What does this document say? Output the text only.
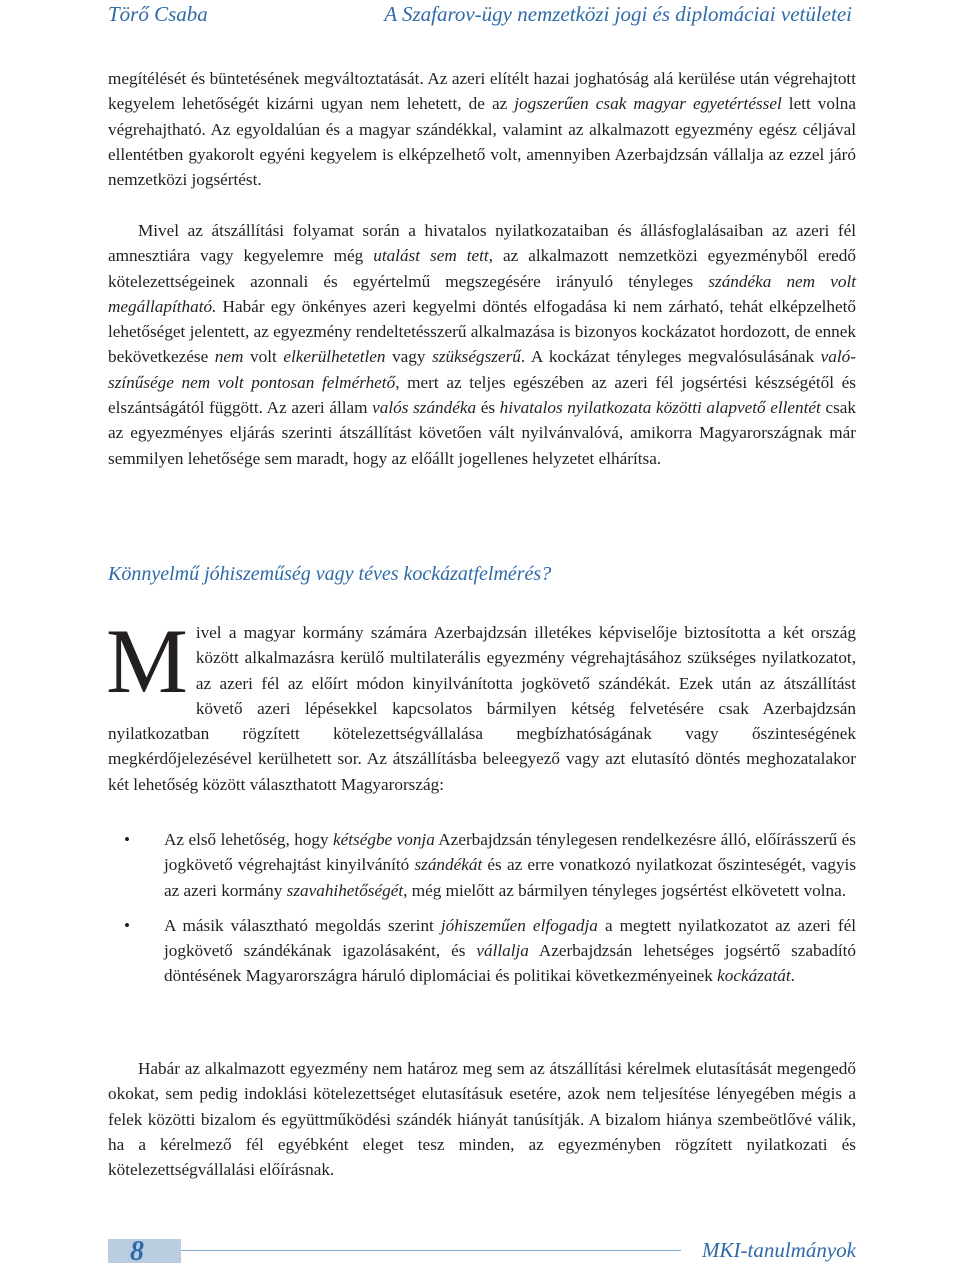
Törő Csaba	A Szafarov-ügy nemzetközi jogi és diplomáciai vetületei

megítélését és büntetésének megváltoztatását. Az azeri elítélt hazai joghatóság alá kerülése után végrehajtott kegyelem lehetőségét kizárni ugyan nem lehetett, de az jogszerűen csak magyar egyetértéssel lett volna végrehajtható. Az egyoldalúan és a magyar szándékkal, valamint az alkalmazott egyezmény egész céljával ellentétben gyakorolt egyéni kegyelem is elképzelhető volt, amennyiben Azerbajdzsán vállalja az ezzel járó nemzetközi jogsértést.

Mivel az átszállítási folyamat során a hivatalos nyilatkozataiban és állásfoglalásaiban az azeri fél amnesztiára vagy kegyelemre még utalást sem tett, az alkalmazott nemzetközi egyezményből eredő kötelezettségeinek azonnali és egyértelmű megszegésére irányuló tényleges szándéka nem volt megállapítható. Habár egy önkényes azeri kegyelmi döntés elfogadása ki nem zárható, tehát elképzelhető lehetőséget jelentett, az egyezmény rendeltetésszerű alkalmazása is bizonyos kockázatot hordozott, de ennek bekövetkezése nem volt elkerülhetetlen vagy szükségszerű. A kockázat tényleges megvalósulásának valószínűsége nem volt pontosan felmérhető, mert az teljes egészében az azeri fél jogsértési készségétől és elszántságától függött. Az azeri állam valós szándéka és hivatalos nyilatkozata közötti alapvető ellentét csak az egyezményes eljárás szerinti átszállítást követően vált nyilvánvalóvá, amikorra Magyarországnak már semmilyen lehetősége sem maradt, hogy az előállt jogellenes helyzetet elhárítsa.

Könnyelmű jóhiszeműség vagy téves kockázatfelmérés?

Mivel a magyar kormány számára Azerbajdzsán illetékes képviselője biztosította a két ország között alkalmazásra kerülő multilaterális egyezmény végrehajtásához szükséges nyilatkozatot, az azeri fél az előírt módon kinyilvánította jogkövető szándékát. Ezek után az átszállítást követő azeri lépésekkel kapcsolatos bármilyen kétség felvetésére csak Azerbajdzsán nyilatkozatban rögzített kötelezettségvállalása megbízhatóságának vagy őszinteségének megkérdőjelezésével kerülhetett sor. Az átszállításba beleegyező vagy azt elutasító döntés meghozatalakor két lehetőség között választhatott Magyarország:

• Az első lehetőség, hogy kétségbe vonja Azerbajdzsán ténylegesen rendelkezésre álló, előírásszerű és jogkövető végrehajtást kinyilvánító szándékát és az erre vonatkozó nyilatkozat őszinteségét, vagyis az azeri kormány szavahihetőségét, még mielőtt az bármilyen tényleges jogsértést elkövetett volna.
• A másik választható megoldás szerint jóhiszeműen elfogadja a megtett nyilatkozatot az azeri fél jogkövető szándékának igazolásaként, és vállalja Azerbajdzsán lehetséges jogsértő szabadító döntésének Magyarországra háruló diplomáciai és politikai következményeinek kockázatát.

Habár az alkalmazott egyezmény nem határoz meg sem az átszállítási kérelmek elutasítását megengedő okokat, sem pedig indoklási kötelezettséget elutasításuk esetére, azok nem teljesítése lényegében mégis a felek közötti bizalom és együttműködési szándék hiányát tanúsítják. A bizalom hiánya szembeötlővé válik, ha a kérelmező fél egyébként eleget tesz minden, az egyezményben rögzített nyilatkozati és kötelezettségvállalási előírásnak.

8	MKI-tanulmányok
